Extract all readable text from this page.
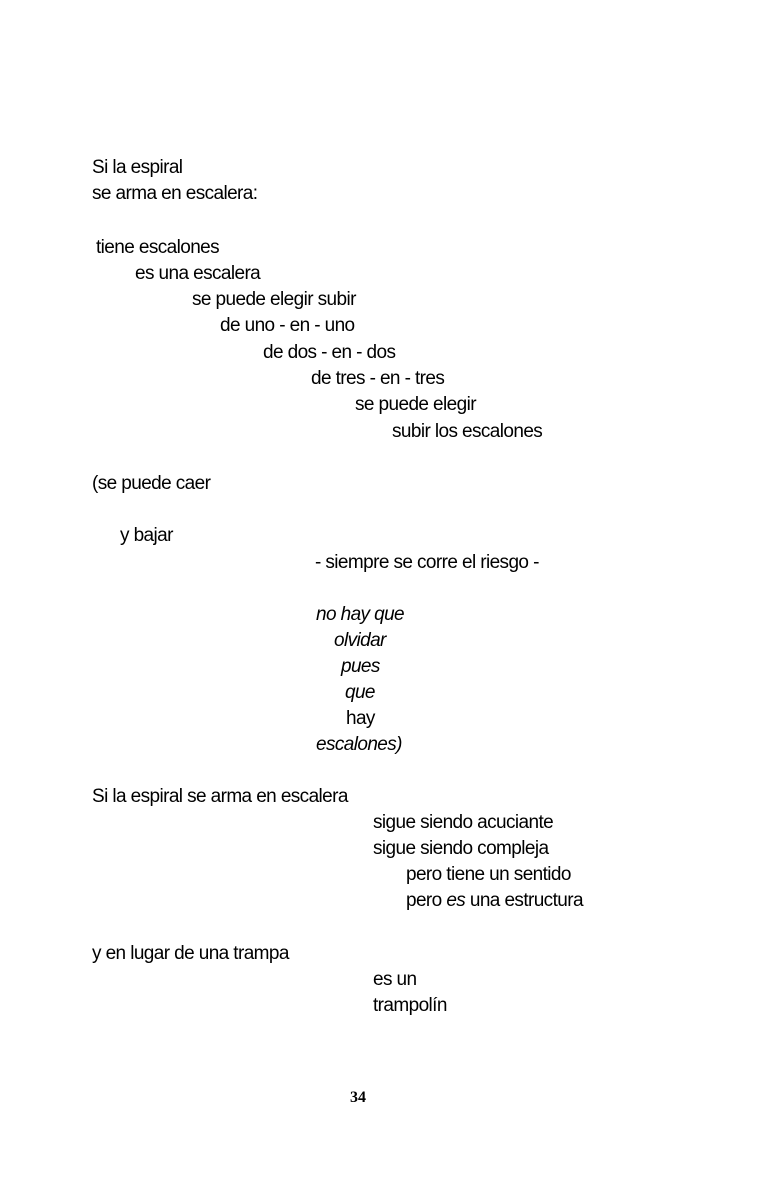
Si la espiral
se arma en escalera:
tiene escalones
es una escalera
se puede elegir subir
de uno - en - uno
de dos - en - dos
de tres - en - tres
se puede elegir
subir los escalones
(se puede caer
y bajar
- siempre se corre el riesgo -
no hay que
olvidar
pues
que
hay
escalones)
Si la espiral se arma en escalera
sigue siendo acuciante
sigue siendo compleja
pero tiene un sentido
pero es una estructura
y en lugar de una trampa
es un
trampolín
34
